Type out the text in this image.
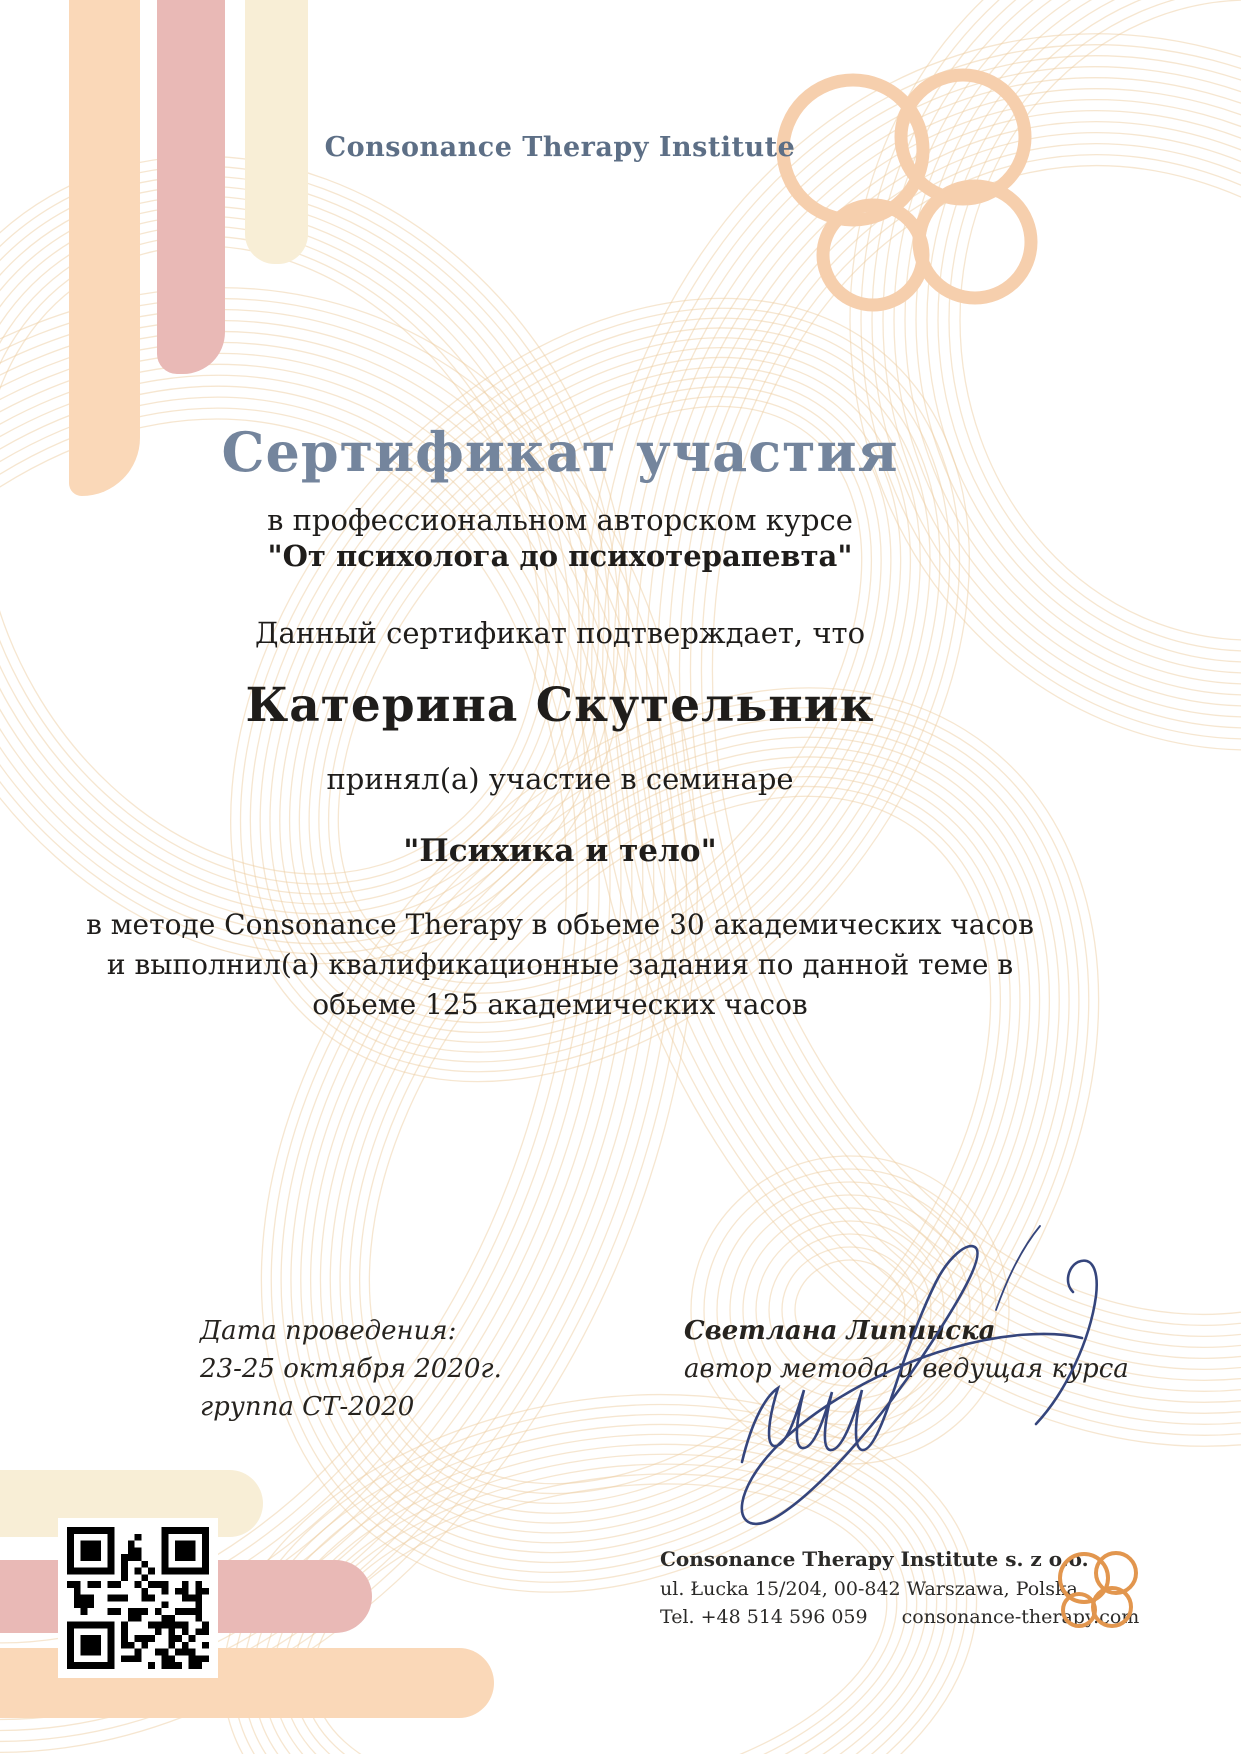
Consonance Therapy Institute
Сертификат участия
в профессиональном авторском курсе
"От психолога до психотерапевта"
Данный сертификат подтверждает, что
Катерина Скутельник
принял(а) участие в семинаре
"Психика и тело"
в методе Consonance Therapy в обьеме 30 академических часов
и выполнил(а) квалификационные задания по данной теме в
обьеме 125 академических часов
Дата проведения:
23-25 октября 2020г.
группа СТ-2020
Светлана Липинска
автор метода и ведущая курса
Consonance Therapy Institute s. z o.o.
ul. Łucka 15/204, 00-842 Warszawa, Polska
Tel. +48 514 596 059 consonance-therapy.com
